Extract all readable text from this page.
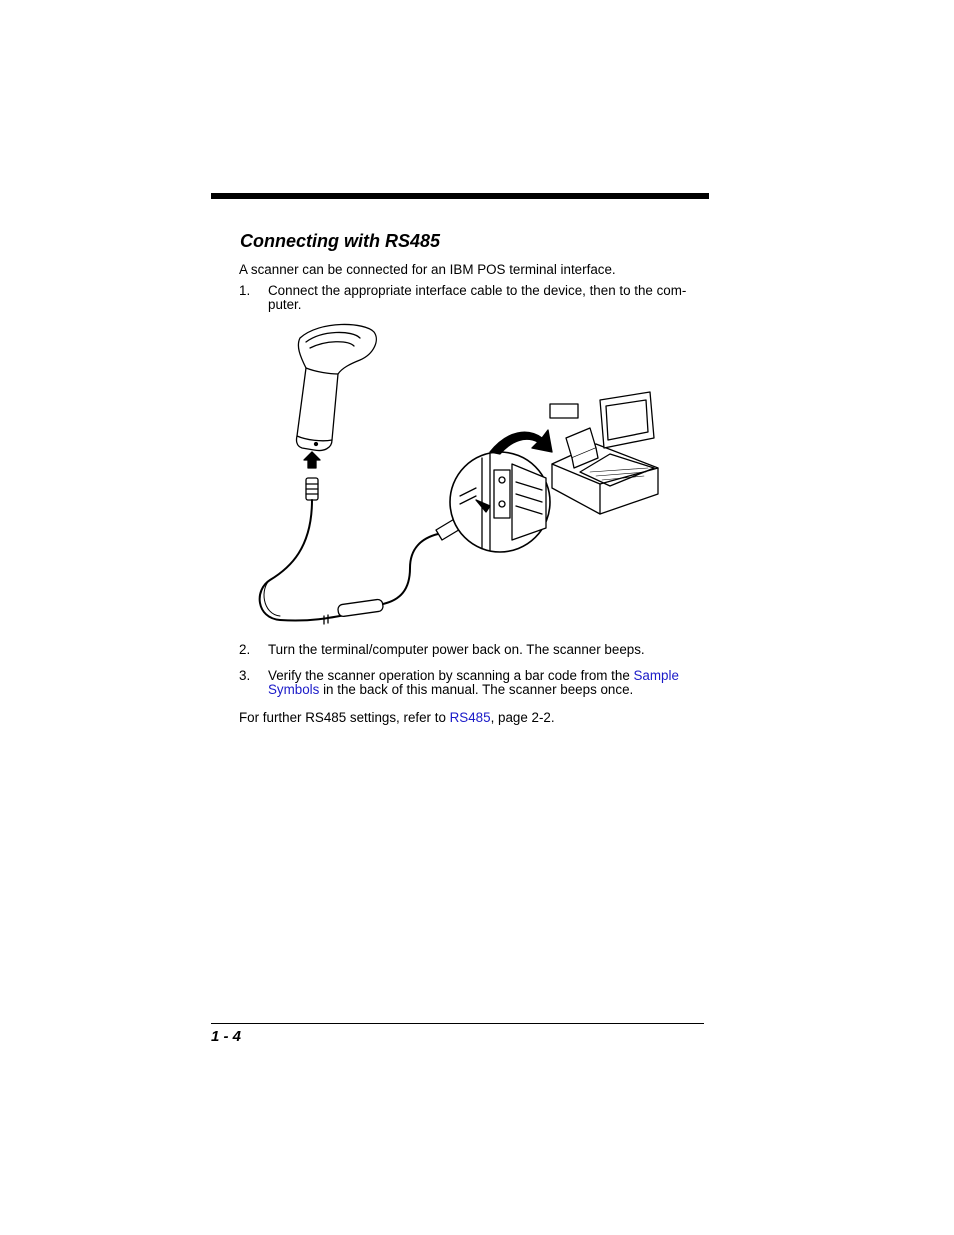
Connecting with RS485

A scanner can be connected for an IBM POS terminal interface.

1. Connect the appropriate interface cable to the device, then to the com-
puter.
2. Turn the terminal/computer power back on. The scanner beeps.
3. Verify the scanner operation by scanning a bar code from the Sample
Symbols in the back of this manual. The scanner beeps once.

For further RS485 settings, refer to RS485, page 2-2.

1 - 4
